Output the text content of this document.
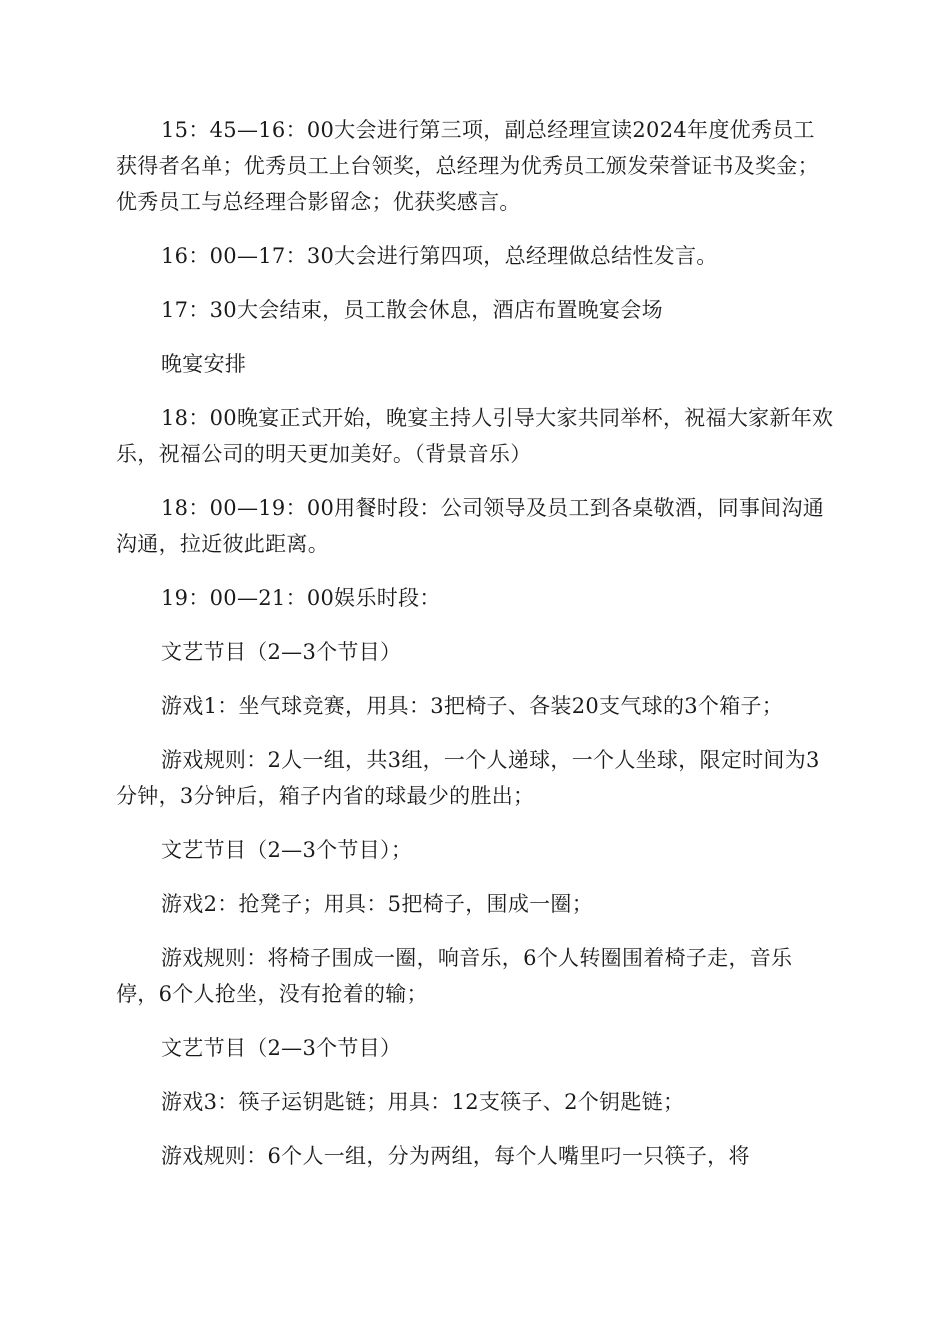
15：45—16：00大会进行第三项，副总经理宣读2024年度优秀员工获得者名单；优秀员工上台领奖，总经理为优秀员工颁发荣誉证书及奖金；优秀员工与总经理合影留念；优获奖感言。

16：00—17：30大会进行第四项，总经理做总结性发言。

17：30大会结束，员工散会休息，酒店布置晚宴会场

晚宴安排

18：00晚宴正式开始，晚宴主持人引导大家共同举杯，祝福大家新年欢乐，祝福公司的明天更加美好。（背景音乐）

18：00—19：00用餐时段：公司领导及员工到各桌敬酒，同事间沟通沟通，拉近彼此距离。

19：00—21：00娱乐时段：

文艺节目（2—3个节目）

游戏1：坐气球竞赛，用具：3把椅子、各装20支气球的3个箱子；

游戏规则：2人一组，共3组，一个人递球，一个人坐球，限定时间为3分钟，3分钟后，箱子内省的球最少的胜出；

文艺节目（2—3个节目）；

游戏2：抢凳子；用具：5把椅子，围成一圈；

游戏规则：将椅子围成一圈，响音乐，6个人转圈围着椅子走，音乐停，6个人抢坐，没有抢着的输；

文艺节目（2—3个节目）

游戏3：筷子运钥匙链；用具：12支筷子、2个钥匙链；

游戏规则：6个人一组，分为两组，每个人嘴里叼一只筷子，将
